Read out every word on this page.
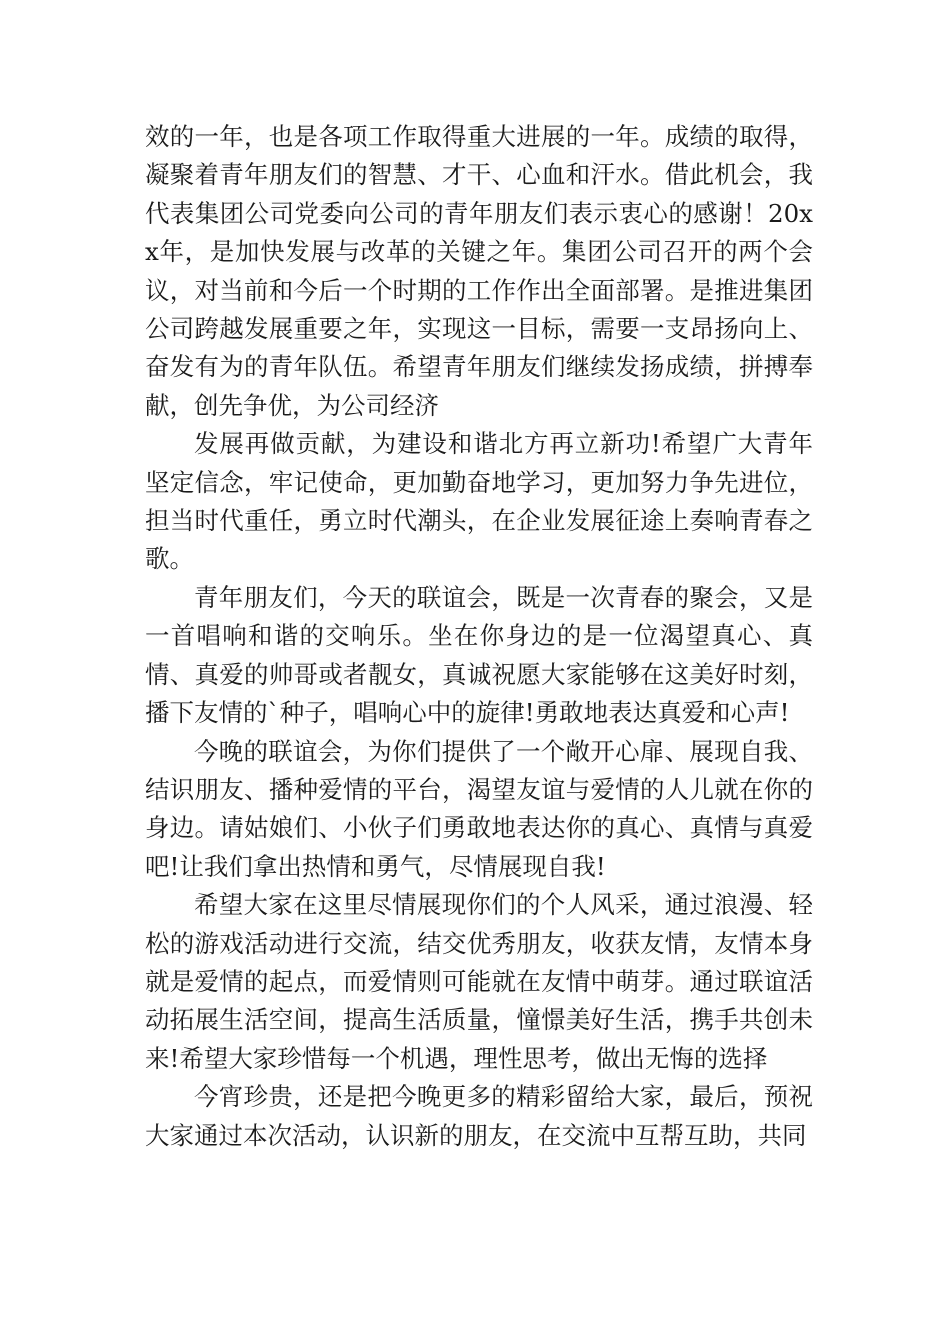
效的一年，也是各项工作取得重大进展的一年。成绩的取得，凝聚着青年朋友们的智慧、才干、心血和汗水。借此机会，我代表集团公司党委向公司的青年朋友们表示衷心的感谢！20xx年，是加快发展与改革的关键之年。集团公司召开的两个会议，对当前和今后一个时期的工作作出全面部署。是推进集团公司跨越发展重要之年，实现这一目标，需要一支昂扬向上、奋发有为的青年队伍。希望青年朋友们继续发扬成绩，拼搏奉献，创先争优，为公司经济

发展再做贡献，为建设和谐北方再立新功!希望广大青年坚定信念，牢记使命，更加勤奋地学习，更加努力争先进位，担当时代重任，勇立时代潮头，在企业发展征途上奏响青春之歌。

青年朋友们，今天的联谊会，既是一次青春的聚会，又是一首唱响和谐的交响乐。坐在你身边的是一位渴望真心、真情、真爱的帅哥或者靓女，真诚祝愿大家能够在这美好时刻，播下友情的`种子，唱响心中的旋律!勇敢地表达真爱和心声!

今晚的联谊会，为你们提供了一个敞开心扉、展现自我、结识朋友、播种爱情的平台，渴望友谊与爱情的人儿就在你的身边。请姑娘们、小伙子们勇敢地表达你的真心、真情与真爱吧!让我们拿出热情和勇气，尽情展现自我!

希望大家在这里尽情展现你们的个人风采，通过浪漫、轻松的游戏活动进行交流，结交优秀朋友，收获友情，友情本身就是爱情的起点，而爱情则可能就在友情中萌芽。通过联谊活动拓展生活空间，提高生活质量，憧憬美好生活，携手共创未来!希望大家珍惜每一个机遇，理性思考，做出无悔的选择

今宵珍贵，还是把今晚更多的精彩留给大家，最后，预祝大家通过本次活动，认识新的朋友，在交流中互帮互助，共同
